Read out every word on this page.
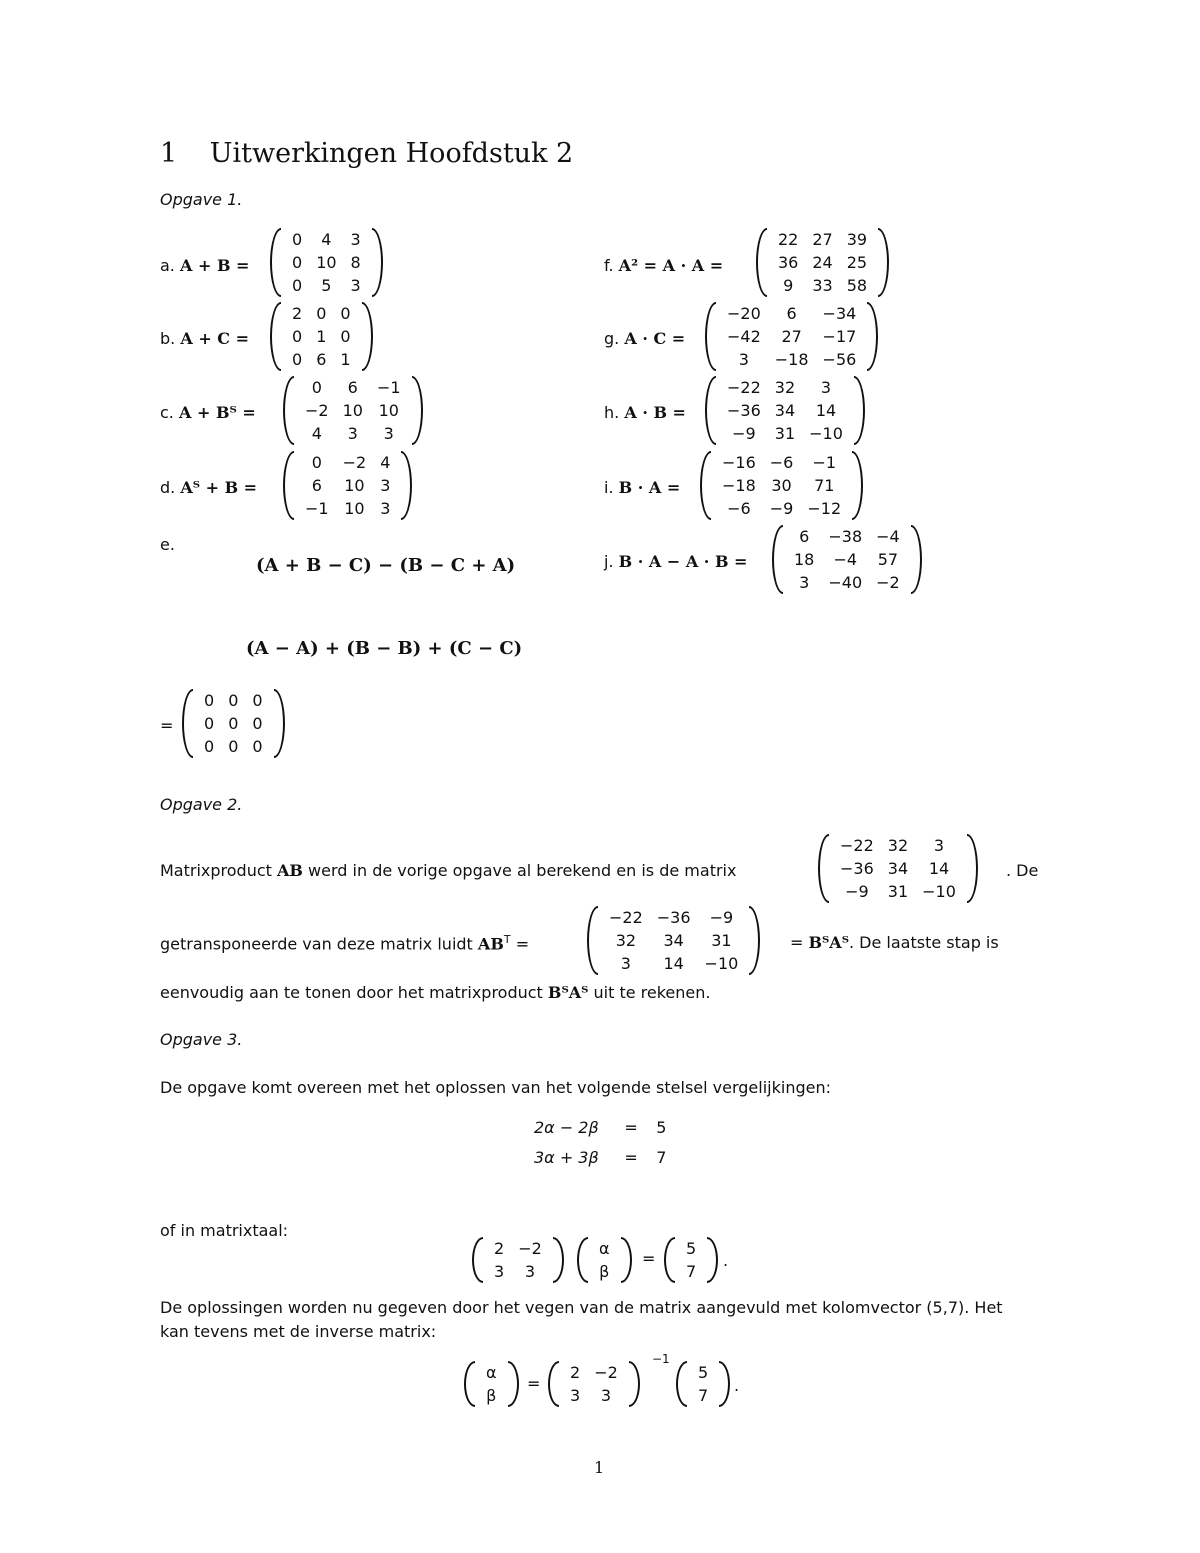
1 Uitwerkingen Hoofdstuk 2
Opgave 1.
a. A + B =
0	4	3
0	10	8
0	5	3
b. A + C =
2	0	0
0	1	0
0	6	1
c. A + Bᵀ =
0	6	−1
−2	10	10
4	3	3
d. Aᵀ + B =
0	−2	4
6	10	3
−1	10	3
f. A² = A · A =
22	27	39
36	24	25
9	33	58
g. A · C =
−20	6	−34
−42	27	−17
3	−18	−56
h. A · B =
−22	32	3
−36	34	14
−9	31	−10
i. B · A =
−16	−6	−1
−18	30	71
−6	−9	−12
j. B · A − A · B =
6	−38	−4
18	−4	57
3	−40	−2
e.
(A + B − C) − (B − C + A)
(A − A) + (B − B) + (C − C)
=
0	0	0
0	0	0
0	0	0
Opgave 2.
Matrixproduct AB werd in de vorige opgave al berekend en is de matrix
−22	32	3
−36	34	14
−9	31	−10
. De
getransponeerde van deze matrix luidt $AB^T$ =
−22	−36	−9
32	34	31
3	14	−10
= BᵀAᵀ. De laatste stap is
eenvoudig aan te tonen door het matrixproduct BᵀAᵀ uit te rekenen.
Opgave 3.
De opgave komt overeen met het oplossen van het volgende stelsel vergelijkingen:
2α − 2β = 5
3α + 3β = 7
of in matrixtaal:
2	−2
3	3
α
β
=
5
7
.
De oplossingen worden nu gegeven door het vegen van de matrix aangevuld met kolomvector (5,7). Het
kan tevens met de inverse matrix:
α
β
=
2	−2
3	3
−1
5
7
.
1
